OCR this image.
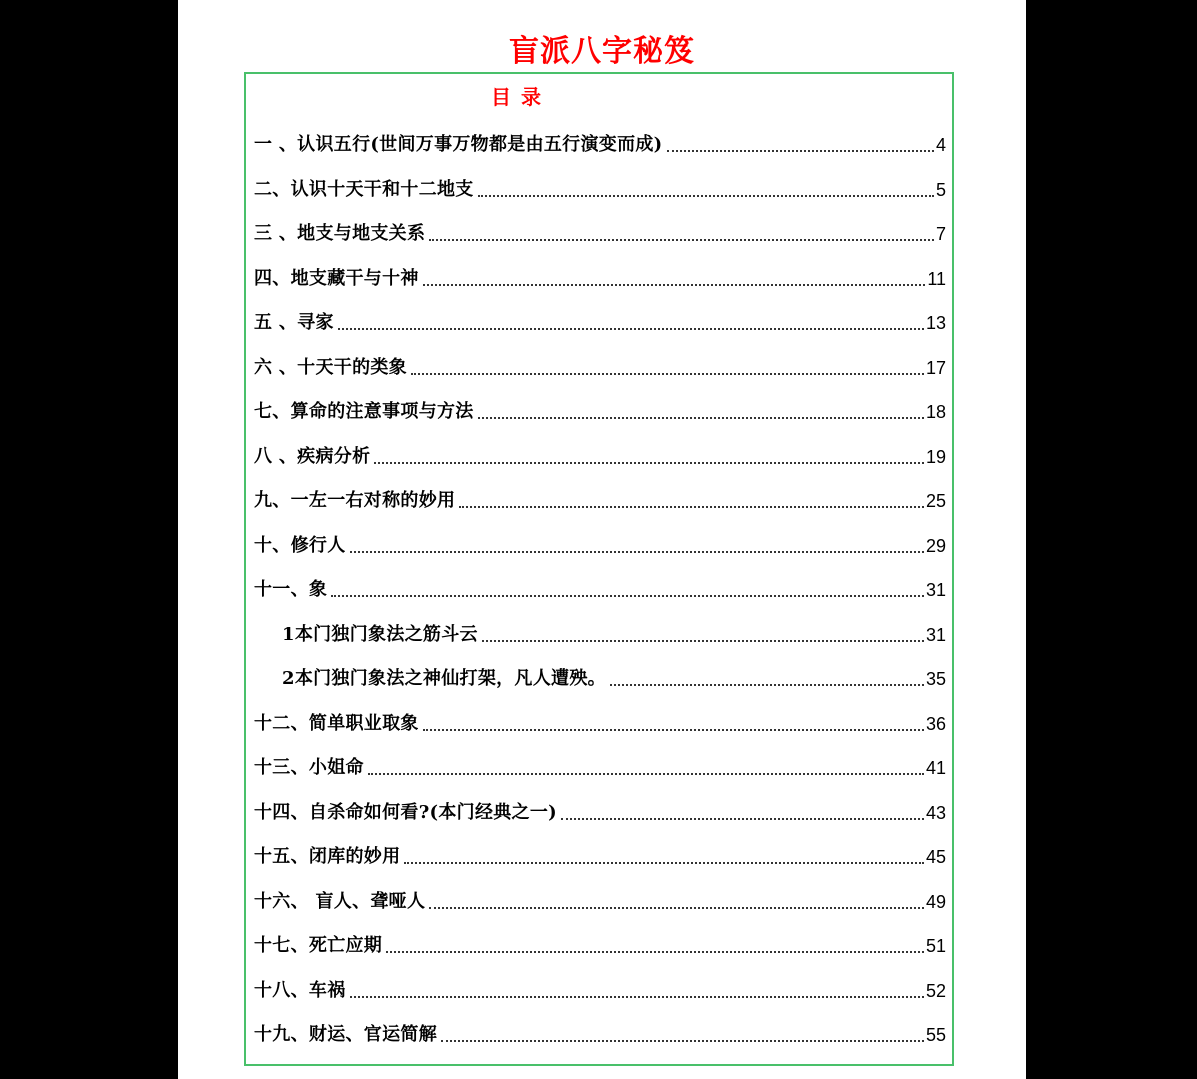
盲派八字秘笈
目录
一 、认识五行(世间万事万物都是由五行演变而成)	4
二、认识十天干和十二地支	5
三 、地支与地支关系	7
四、地支藏干与十神	11
五 、寻家	13
六 、十天干的类象	17
七、算命的注意事项与方法	18
八 、疾病分析	19
九、一左一右对称的妙用	25
十、修行人	29
十一、象	31
1本门独门象法之筋斗云	31
2本门独门象法之神仙打架，凡人遭殃。	35
十二、简单职业取象	36
十三、小姐命	41
十四、自杀命如何看?(本门经典之一)	43
十五、闭库的妙用	45
十六、 盲人、聋哑人	49
十七、死亡应期	51
十八、车祸	52
十九、财运、官运简解	55
